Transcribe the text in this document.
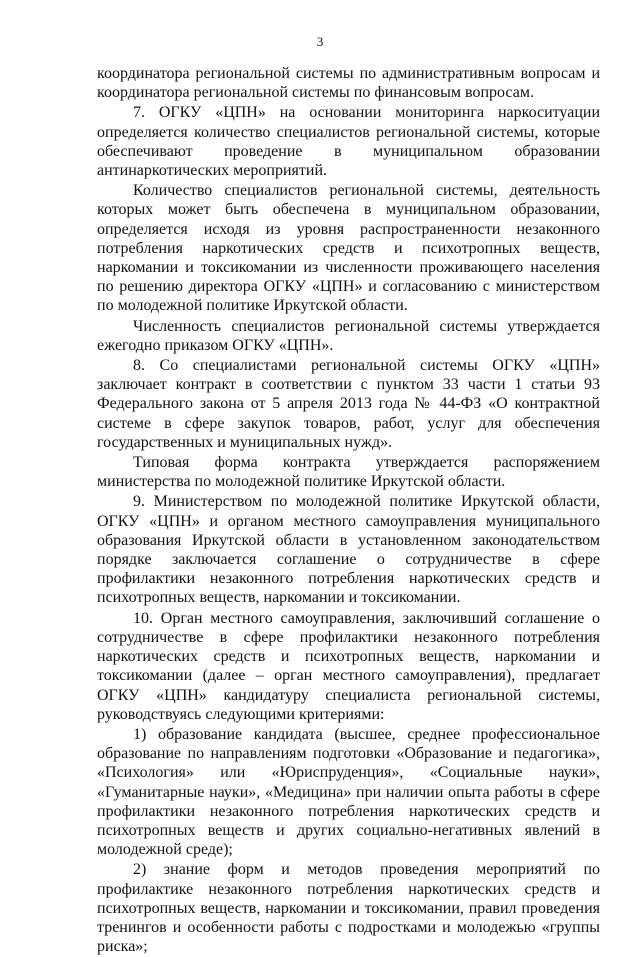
3

координатора региональной системы по административным вопросам и координатора региональной системы по финансовым вопросам.

7. ОГКУ «ЦПН» на основании мониторинга наркоситуации определяется количество специалистов региональной системы, которые обеспечивают проведение в муниципальном образовании антинаркотических мероприятий.

Количество специалистов региональной системы, деятельность которых может быть обеспечена в муниципальном образовании, определяется исходя из уровня распространенности незаконного потребления наркотических средств и психотропных веществ, наркомании и токсикомании из численности проживающего населения по решению директора ОГКУ «ЦПН» и согласованию с министерством по молодежной политике Иркутской области.

Численность специалистов региональной системы утверждается ежегодно приказом ОГКУ «ЦПН».

8. Со специалистами региональной системы ОГКУ «ЦПН» заключает контракт в соответствии с пунктом 33 части 1 статьи 93 Федерального закона от 5 апреля 2013 года № 44-ФЗ «О контрактной системе в сфере закупок товаров, работ, услуг для обеспечения государственных и муниципальных нужд».

Типовая форма контракта утверждается распоряжением министерства по молодежной политике Иркутской области.

9. Министерством по молодежной политике Иркутской области, ОГКУ «ЦПН» и органом местного самоуправления муниципального образования Иркутской области в установленном законодательством порядке заключается соглашение о сотрудничестве в сфере профилактики незаконного потребления наркотических средств и психотропных веществ, наркомании и токсикомании.

10. Орган местного самоуправления, заключивший соглашение о сотрудничестве в сфере профилактики незаконного потребления наркотических средств и психотропных веществ, наркомании и токсикомании (далее – орган местного самоуправления), предлагает ОГКУ «ЦПН» кандидатуру специалиста региональной системы, руководствуясь следующими критериями:

1) образование кандидата (высшее, среднее профессиональное образование по направлениям подготовки «Образование и педагогика», «Психология» или «Юриспруденция», «Социальные науки», «Гуманитарные науки», «Медицина» при наличии опыта работы в сфере профилактики незаконного потребления наркотических средств и психотропных веществ и других социально-негативных явлений в молодежной среде);

2) знание форм и методов проведения мероприятий по профилактике незаконного потребления наркотических средств и психотропных веществ, наркомании и токсикомании, правил проведения тренингов и особенности работы с подростками и молодежью «группы риска»;
